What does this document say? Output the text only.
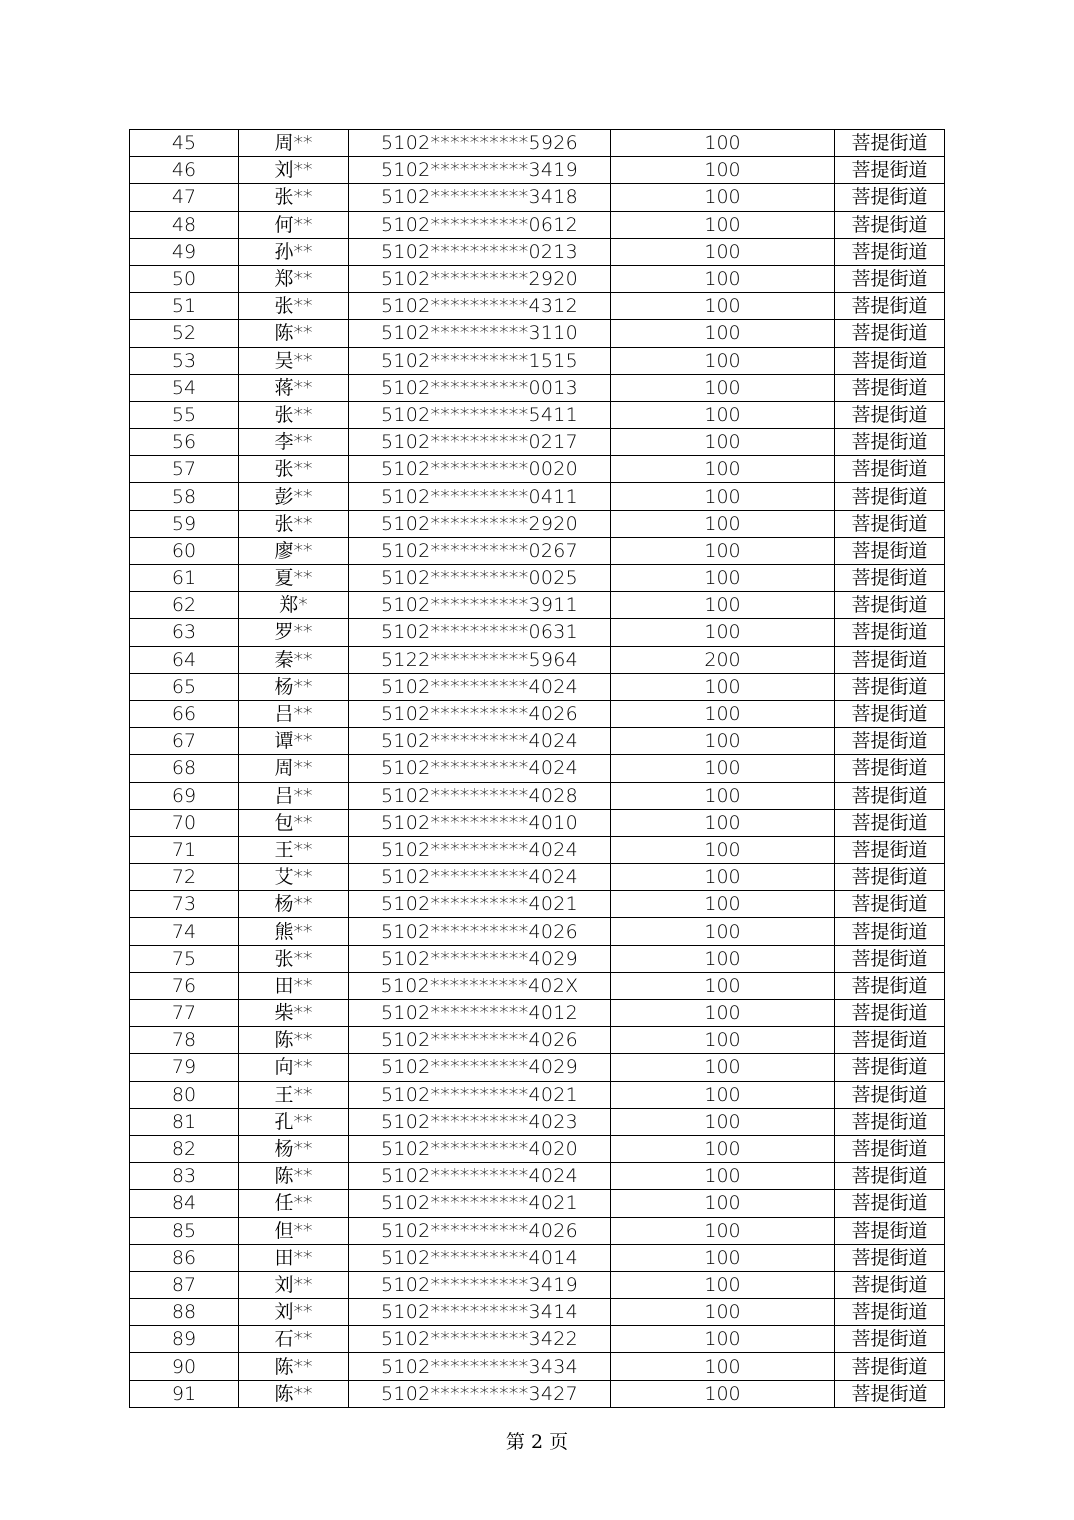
45	周**	5102**********5926	100	菩提街道
46	刘**	5102**********3419	100	菩提街道
47	张**	5102**********3418	100	菩提街道
48	何**	5102**********0612	100	菩提街道
49	孙**	5102**********0213	100	菩提街道
50	郑**	5102**********2920	100	菩提街道
51	张**	5102**********4312	100	菩提街道
52	陈**	5102**********3110	100	菩提街道
53	吴**	5102**********1515	100	菩提街道
54	蒋**	5102**********0013	100	菩提街道
55	张**	5102**********5411	100	菩提街道
56	李**	5102**********0217	100	菩提街道
57	张**	5102**********0020	100	菩提街道
58	彭**	5102**********0411	100	菩提街道
59	张**	5102**********2920	100	菩提街道
60	廖**	5102**********0267	100	菩提街道
61	夏**	5102**********0025	100	菩提街道
62	郑*	5102**********3911	100	菩提街道
63	罗**	5102**********0631	100	菩提街道
64	秦**	5122**********5964	200	菩提街道
65	杨**	5102**********4024	100	菩提街道
66	吕**	5102**********4026	100	菩提街道
67	谭**	5102**********4024	100	菩提街道
68	周**	5102**********4024	100	菩提街道
69	吕**	5102**********4028	100	菩提街道
70	包**	5102**********4010	100	菩提街道
71	王**	5102**********4024	100	菩提街道
72	艾**	5102**********4024	100	菩提街道
73	杨**	5102**********4021	100	菩提街道
74	熊**	5102**********4026	100	菩提街道
75	张**	5102**********4029	100	菩提街道
76	田**	5102**********402X	100	菩提街道
77	柴**	5102**********4012	100	菩提街道
78	陈**	5102**********4026	100	菩提街道
79	向**	5102**********4029	100	菩提街道
80	王**	5102**********4021	100	菩提街道
81	孔**	5102**********4023	100	菩提街道
82	杨**	5102**********4020	100	菩提街道
83	陈**	5102**********4024	100	菩提街道
84	任**	5102**********4021	100	菩提街道
85	但**	5102**********4026	100	菩提街道
86	田**	5102**********4014	100	菩提街道
87	刘**	5102**********3419	100	菩提街道
88	刘**	5102**********3414	100	菩提街道
89	石**	5102**********3422	100	菩提街道
90	陈**	5102**********3434	100	菩提街道
91	陈**	5102**********3427	100	菩提街道
第 2 页
